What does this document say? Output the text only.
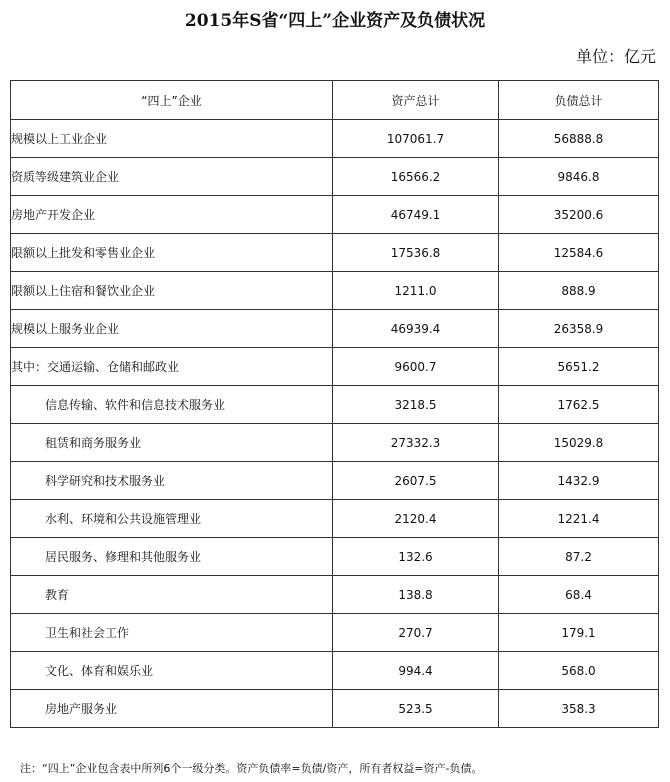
2015年S省“四上”企业资产及负债状况
单位：亿元
“四上”企业	资产总计	负债总计
规模以上工业企业	107061.7	56888.8
资质等级建筑业企业	16566.2	9846.8
房地产开发企业	46749.1	35200.6
限额以上批发和零售业企业	17536.8	12584.6
限额以上住宿和餐饮业企业	1211.0	888.9
规模以上服务业企业	46939.4	26358.9
其中：交通运输、仓储和邮政业	9600.7	5651.2
信息传输、软件和信息技术服务业	3218.5	1762.5
租赁和商务服务业	27332.3	15029.8
科学研究和技术服务业	2607.5	1432.9
水利、环境和公共设施管理业	2120.4	1221.4
居民服务、修理和其他服务业	132.6	87.2
教育	138.8	68.4
卫生和社会工作	270.7	179.1
文化、体育和娱乐业	994.4	568.0
房地产服务业	523.5	358.3
注：“四上”企业包含表中所列6个一级分类。资产负债率=负债/资产，所有者权益=资产-负债。
